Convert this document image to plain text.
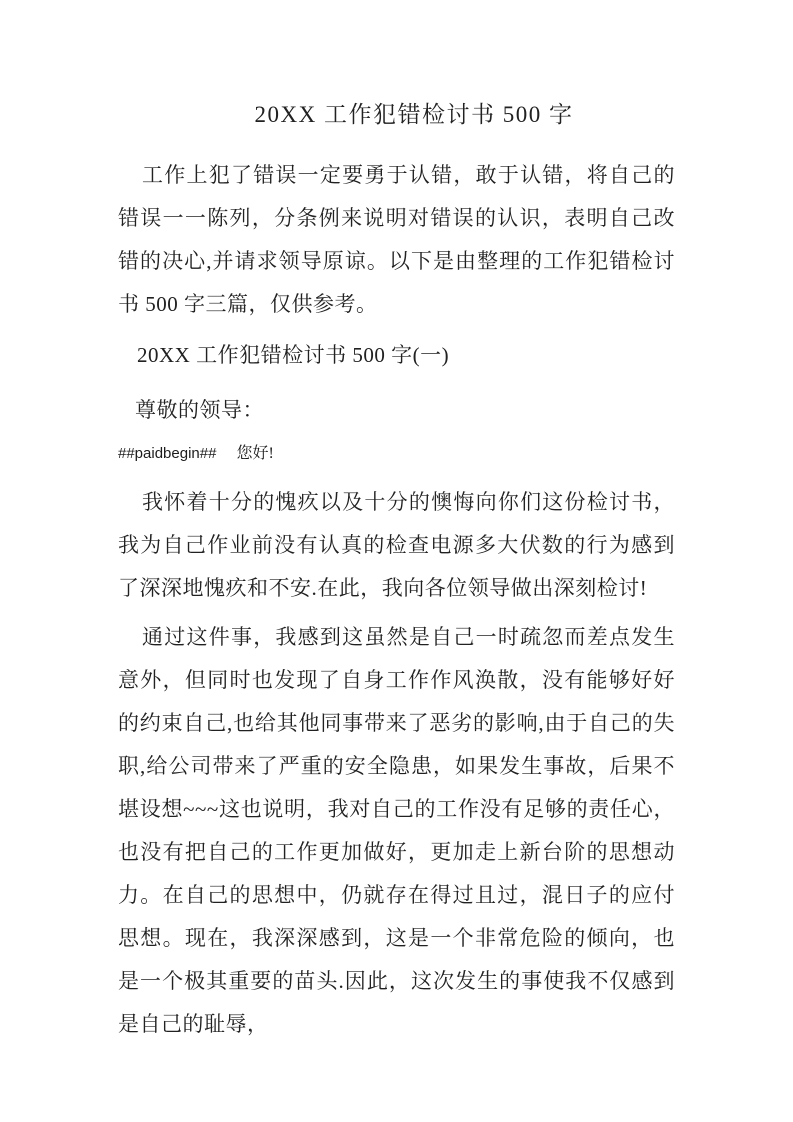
20XX 工作犯错检讨书 500 字

工作上犯了错误一定要勇于认错，敢于认错，将自己的错误一一陈列，分条例来说明对错误的认识，表明自己改错的决心,并请求领导原谅。以下是由整理的工作犯错检讨书 500 字三篇，仅供参考。

20XX 工作犯错检讨书 500 字(一)

尊敬的领导：

##paidbegin## 您好!

我怀着十分的愧疚以及十分的懊悔向你们这份检讨书，我为自己作业前没有认真的检查电源多大伏数的行为感到了深深地愧疚和不安.在此，我向各位领导做出深刻检讨!

通过这件事，我感到这虽然是自己一时疏忽而差点发生意外，但同时也发现了自身工作作风涣散，没有能够好好的约束自己,也给其他同事带来了恶劣的影响,由于自己的失职,给公司带来了严重的安全隐患，如果发生事故，后果不堪设想~~~这也说明，我对自己的工作没有足够的责任心，也没有把自己的工作更加做好，更加走上新台阶的思想动力。在自己的思想中，仍就存在得过且过，混日子的应付思想。现在，我深深感到，这是一个非常危险的倾向，也是一个极其重要的苗头.因此，这次发生的事使我不仅感到是自己的耻辱，
